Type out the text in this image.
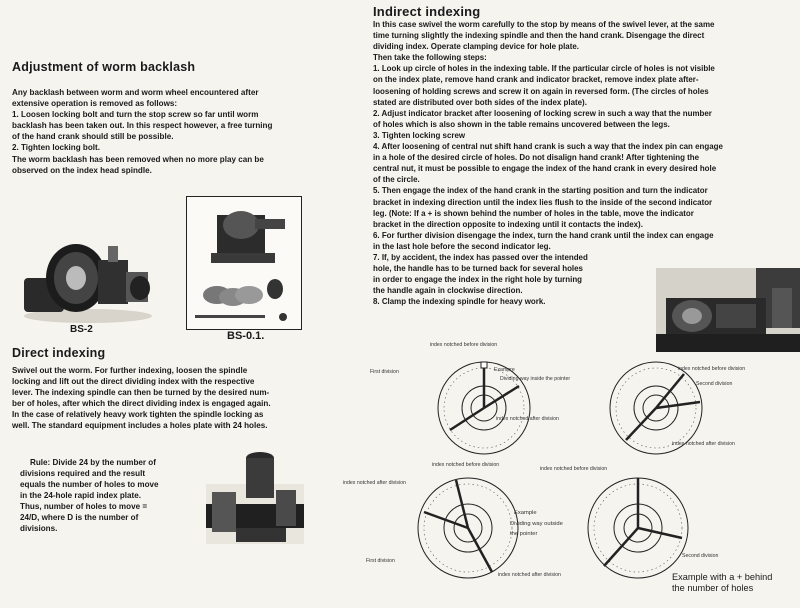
Adjustment of worm backlash
Any backlash between worm and worm wheel encountered after
extensive operation is removed as follows:
1. Loosen locking bolt and turn the stop screw so far until worm
backlash has been taken out. In this respect however, a free turning
of the hand crank should still be possible.
2. Tighten locking bolt.
The worm backlash has been removed when no more play can be
observed on the index head spindle.
BS-2
BS-0.1.
Direct indexing
Swivel out the worm. For further indexing, loosen the spindle
locking and lift out the direct dividing index with the respective
lever. The indexing spindle can then be turned by the desired num-
ber of holes, after which the direct dividing index is engaged again.
In the case of relatively heavy work tighten the spindle locking as
well. The standard equipment includes a holes plate with 24 holes.
Rule: Divide 24 by the number of
divisions required and the result
equals the number of holes to move
in the 24-hole rapid index plate.
Thus, number of holes to move =
24/D, where D is the number of
divisions.
Indirect indexing
In this case swivel the worm carefully to the stop by means of the swivel lever, at the same
time turning slightly the indexing spindle and then the hand crank. Disengage the direct
dividing index. Operate clamping device for hole plate.
Then take the following steps:
1. Look up circle of holes in the indexing table. If the particular circle of holes is not visible
on the index plate, remove hand crank and indicator bracket, remove index plate after-
loosening of holding screws and screw it on again in reversed form. (The circles of holes
stated are distributed over both sides of the index plate).
2. Adjust indicator bracket after loosening of locking screw in such a way that the number
of holes which is also shown in the table remains uncovered between the legs.
3. Tighten locking screw
4. After loosening of central nut shift hand crank is such a way that the index pin can engage
in a hole of the desired circle of holes. Do not disalign hand crank! After tightening the
central nut, it must be possible to engage the index of the hand crank in every desired hole
of the circle.
5. Then engage the index of the hand crank in the starting position and turn the indicator
bracket in indexing direction until the index lies flush to the inside of the second indicator
leg. (Note: If a + is shown behind the number of holes in the table, move the indicator
bracket in the direction opposite to indexing until it contacts the index).
6. For further division disengage the index, turn the hand crank until the index can engage
in the last hole before the second indicator leg.
7. If, by accident, the index has passed over the intended
hole, the handle has to be turned back for several holes
in order to engage the index in the right hole by turning
the handle again in clockwise direction.
8. Clamp the indexing spindle for heavy work.
index notched before division
First division	Exampre
Dividing way inside the pointer
index notched after division
index notched before division
Second division
index notched after division
index notched before division
index notched after division
Example
Dividing way outside
the pointer
First division
index notched after division
index notched before division
Second division
Example with a + behind
the number of holes
